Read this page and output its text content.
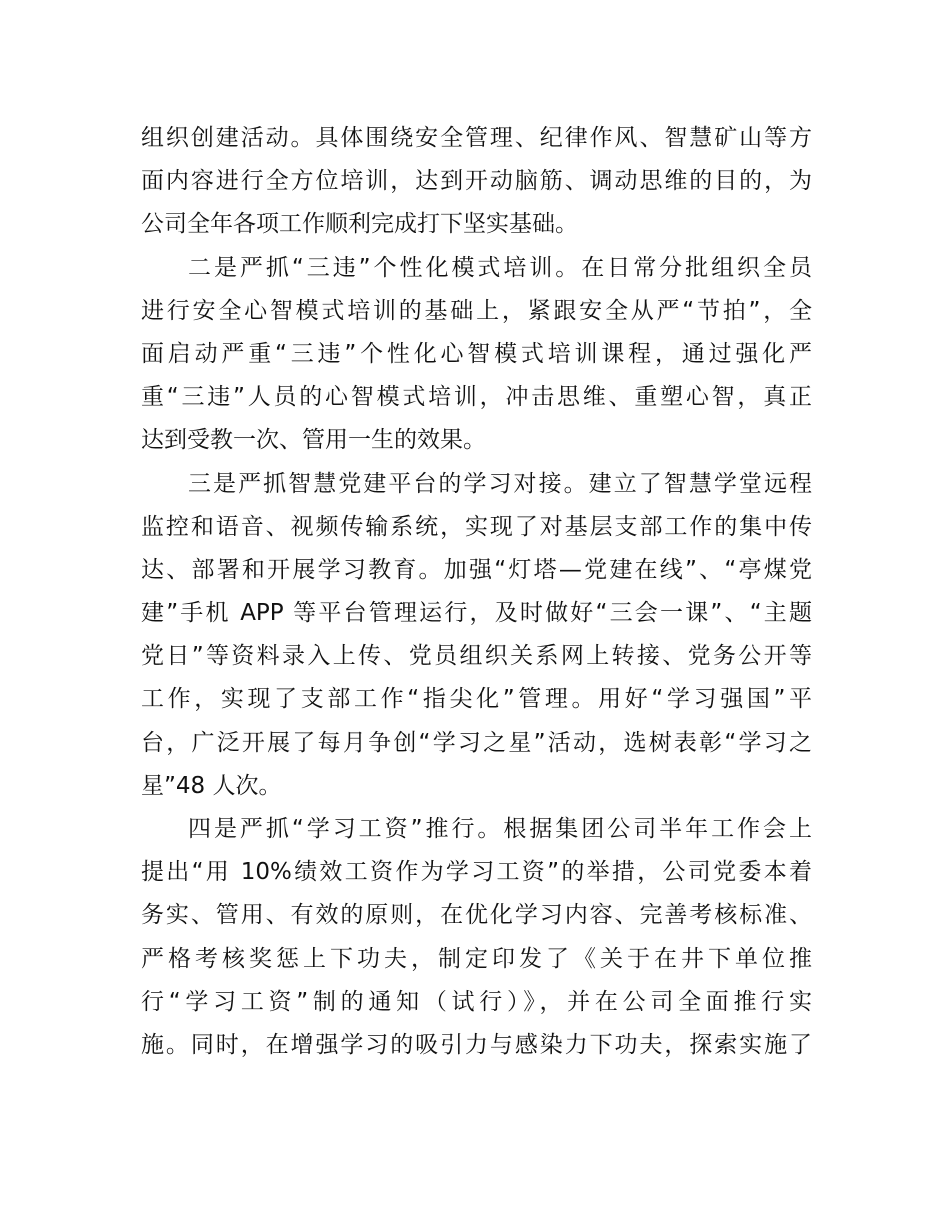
组织创建活动。具体围绕安全管理、纪律作风、智慧矿山等方
面内容进行全方位培训，达到开动脑筋、调动思维的目的，为
公司全年各项工作顺利完成打下坚实基础。
二是严抓“三违”个性化模式培训。在日常分批组织全员
进行安全心智模式培训的基础上，紧跟安全从严“节拍”，全
面启动严重“三违”个性化心智模式培训课程，通过强化严
重“三违”人员的心智模式培训，冲击思维、重塑心智，真正
达到受教一次、管用一生的效果。
三是严抓智慧党建平台的学习对接。建立了智慧学堂远程
监控和语音、视频传输系统，实现了对基层支部工作的集中传
达、部署和开展学习教育。加强“灯塔—党建在线”、“亭煤党
建”手机 APP 等平台管理运行，及时做好“三会一课”、“主题
党日”等资料录入上传、党员组织关系网上转接、党务公开等
工作，实现了支部工作“指尖化”管理。用好“学习强国”平
台，广泛开展了每月争创“学习之星”活动，选树表彰“学习之
星”48 人次。
四是严抓“学习工资”推行。根据集团公司半年工作会上
提出“用 10%绩效工资作为学习工资”的举措，公司党委本着
务实、管用、有效的原则，在优化学习内容、完善考核标准、
严格考核奖惩上下功夫，制定印发了《关于在井下单位推
行“学习工资”制的通知（试行）》，并在公司全面推行实
施。同时，在增强学习的吸引力与感染力下功夫，探索实施了
